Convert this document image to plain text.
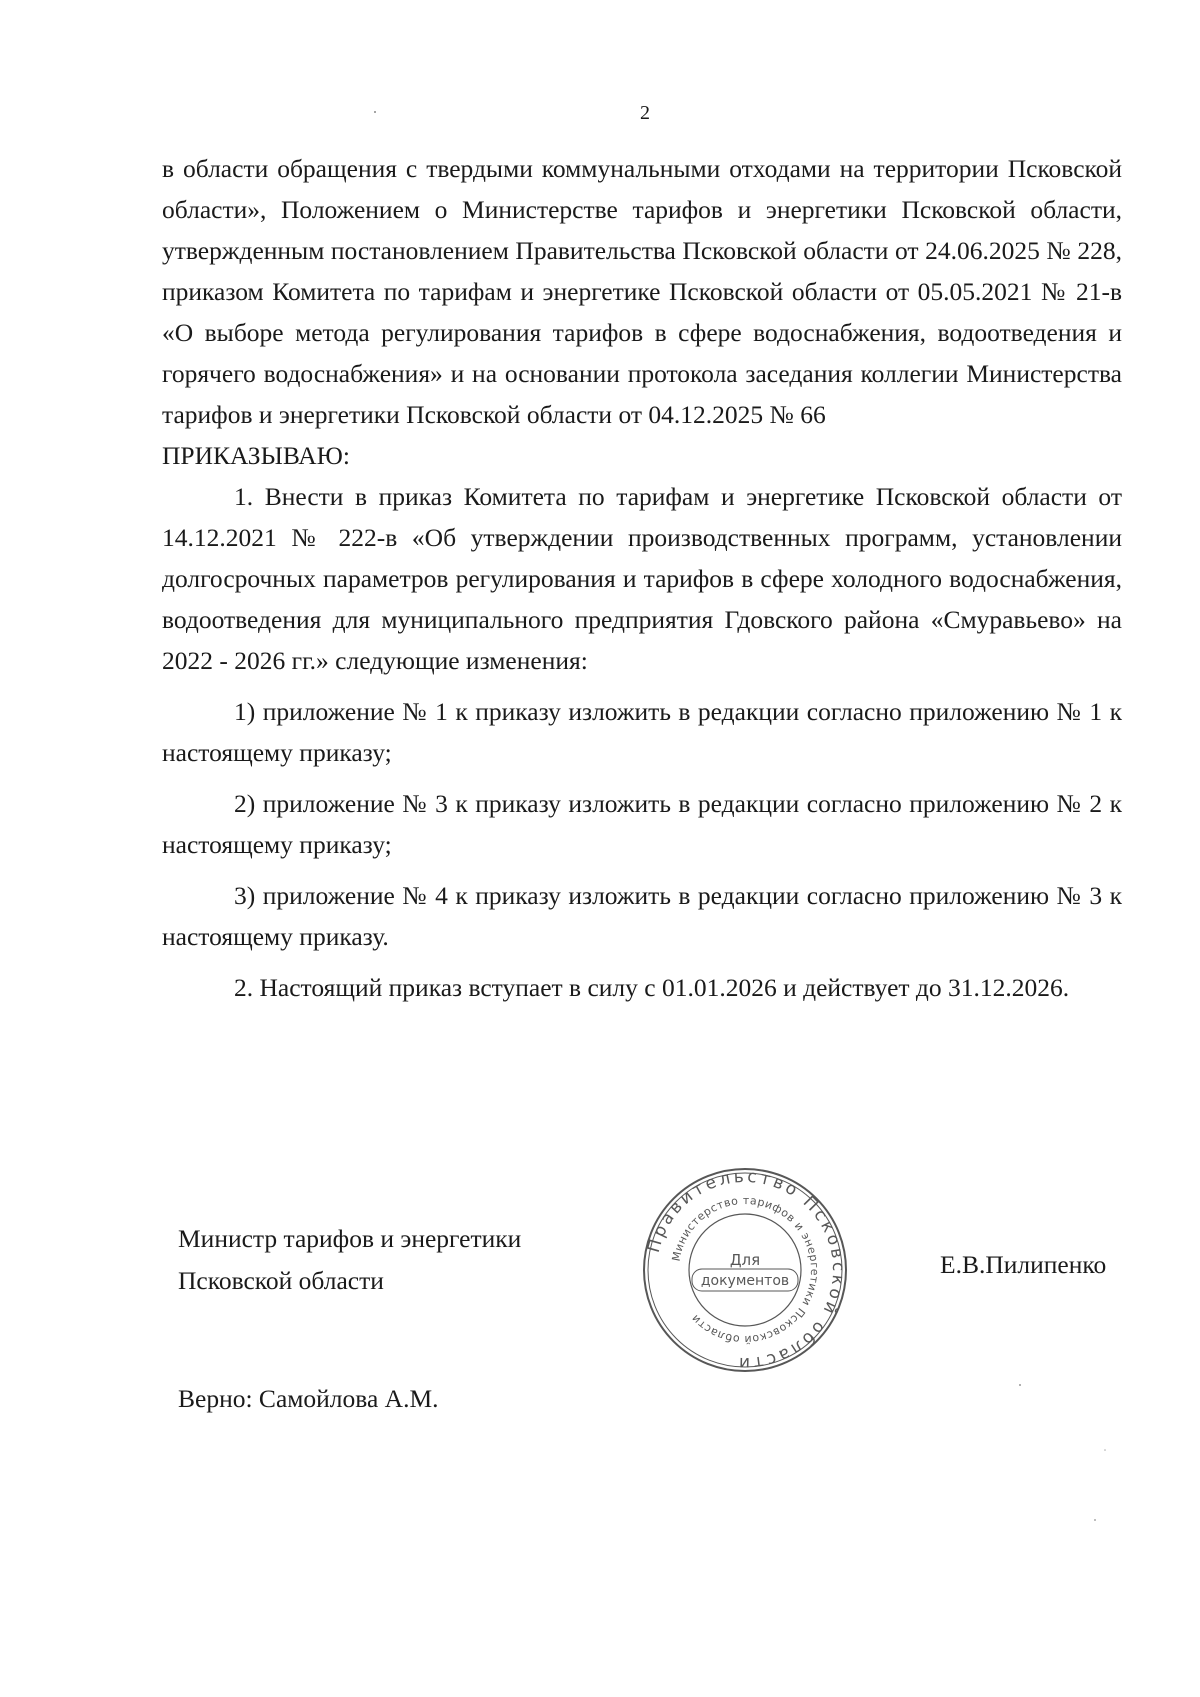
2

в области обращения с твердыми коммунальными отходами на территории Псковской области», Положением о Министерстве тарифов и энергетики Псковской области, утвержденным постановлением Правительства Псковской области от 24.06.2025 № 228, приказом Комитета по тарифам и энергетике Псковской области от 05.05.2021 № 21-в «О выборе метода регулирования тарифов в сфере водоснабжения, водоотведения и горячего водоснабжения» и на основании протокола заседания коллегии Министерства тарифов и энергетики Псковской области от 04.12.2025 № 66

ПРИКАЗЫВАЮ:

1. Внести в приказ Комитета по тарифам и энергетике Псковской области от 14.12.2021 № 222-в «Об утверждении производственных программ, установлении долгосрочных параметров регулирования и тарифов в сфере холодного водоснабжения, водоотведения для муниципального предприятия Гдовского района «Смуравьево» на 2022 - 2026 гг.» следующие изменения:

1) приложение № 1 к приказу изложить в редакции согласно приложению № 1 к настоящему приказу;

2) приложение № 3 к приказу изложить в редакции согласно приложению № 2 к настоящему приказу;

3) приложение № 4 к приказу изложить в редакции согласно приложению № 3 к настоящему приказу.

2. Настоящий приказ вступает в силу с 01.01.2026 и действует до 31.12.2026.

Министр тарифов и энергетики
Псковской области
Правительство Псковской области
Министерство тарифов и энергетики Псковской области
Для
документов
Е.В.Пилипенко
Верно: Самойлова А.М.
